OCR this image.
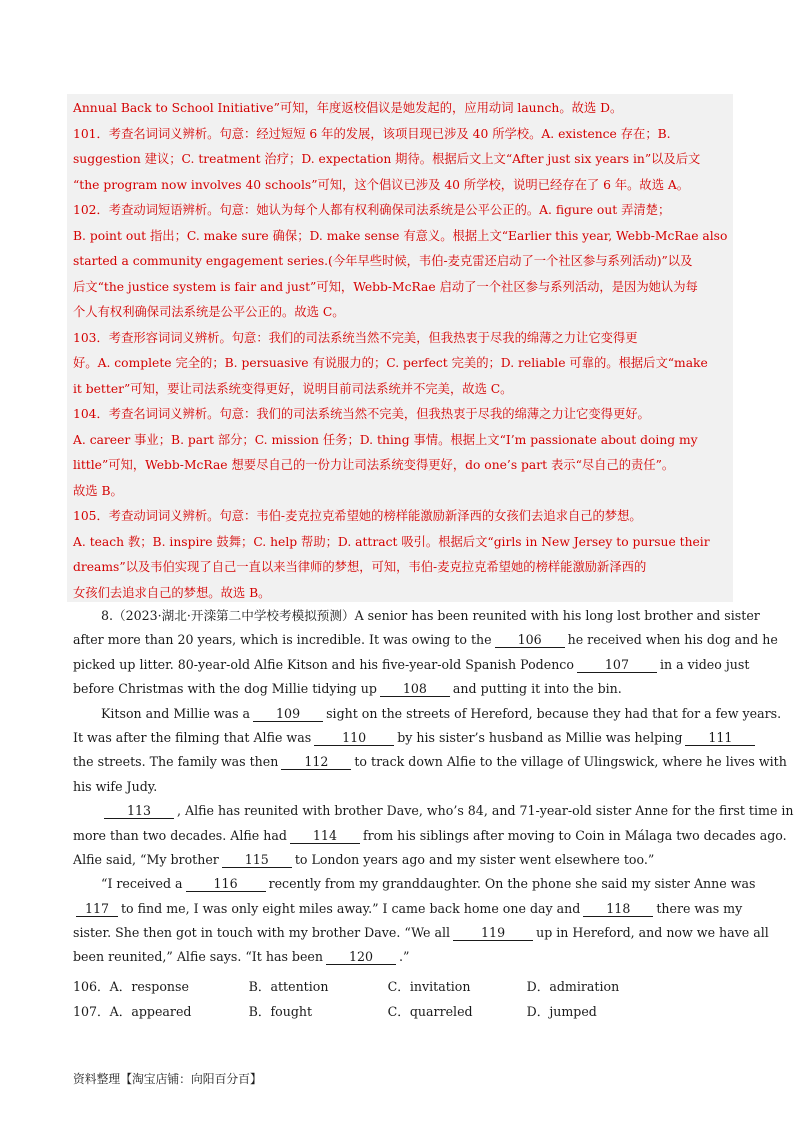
Annual Back to School Initiative”可知，年度返校倡议是她发起的，应用动词 launch。故选 D。
101．考查名词词义辨析。句意：经过短短 6 年的发展，该项目现已涉及 40 所学校。A. existence 存在；B.
suggestion 建议；C. treatment 治疗；D. expectation 期待。根据后文上文“After just six years in”以及后文
“the program now involves 40 schools”可知，这个倡议已涉及 40 所学校，说明已经存在了 6 年。故选 A。
102．考查动词短语辨析。句意：她认为每个人都有权利确保司法系统是公平公正的。A. figure out 弄清楚；
B. point out 指出；C. make sure 确保；D. make sense 有意义。根据上文“Earlier this year, Webb-McRae also
started a community engagement series.(今年早些时候，韦伯-麦克雷还启动了一个社区参与系列活动)”以及
后文“the justice system is fair and just”可知，Webb-McRae 启动了一个社区参与系列活动，是因为她认为每
个人有权利确保司法系统是公平公正的。故选 C。
103．考查形容词词义辨析。句意：我们的司法系统当然不完美，但我热衷于尽我的绵薄之力让它变得更
好。A. complete 完全的；B. persuasive 有说服力的；C. perfect 完美的；D. reliable 可靠的。根据后文“make
it better”可知，要让司法系统变得更好，说明目前司法系统并不完美，故选 C。
104．考查名词词义辨析。句意：我们的司法系统当然不完美，但我热衷于尽我的绵薄之力让它变得更好。
A. career 事业；B. part 部分；C. mission 任务；D. thing 事情。根据上文“I’m passionate about doing my
little”可知，Webb-McRae 想要尽自己的一份力让司法系统变得更好，do one’s part 表示“尽自己的责任”。
故选 B。
105．考查动词词义辨析。句意：韦伯-麦克拉克希望她的榜样能激励新泽西的女孩们去追求自己的梦想。
A. teach 教；B. inspire 鼓舞；C. help 帮助；D. attract 吸引。根据后文“girls in New Jersey to pursue their
dreams”以及韦伯实现了自己一直以来当律师的梦想，可知，韦伯-麦克拉克希望她的榜样能激励新泽西的
女孩们去追求自己的梦想。故选 B。
8.（2023·湖北·开滦第二中学校考模拟预测）A senior has been reunited with his long lost brother and sister
after more than 20 years, which is incredible. It was owing to the 106 he received when his dog and he
picked up litter. 80-year-old Alfie Kitson and his five-year-old Spanish Podenco 107 in a video just
before Christmas with the dog Millie tidying up 108 and putting it into the bin.
Kitson and Millie was a 109 sight on the streets of Hereford, because they had that for a few years.
It was after the filming that Alfie was 110 by his sister’s husband as Millie was helping 111
the streets. The family was then 112 to track down Alfie to the village of Ulingswick, where he lives with
his wife Judy.
113 , Alfie has reunited with brother Dave, who’s 84, and 71-year-old sister Anne for the first time in
more than two decades. Alfie had 114 from his siblings after moving to Coin in Málaga two decades ago.
Alfie said, “My brother 115 to London years ago and my sister went elsewhere too.”
“I received a 116 recently from my granddaughter. On the phone she said my sister Anne was
117 to find me, I was only eight miles away.” I came back home one day and 118 there was my
sister. She then got in touch with my brother Dave. “We all 119 up in Hereford, and now we have all
been reunited,” Alfie says. “It has been 120 .”
106． A．response	B．attention	C．invitation	D．admiration
107． A．appeared	B．fought	C．quarreled	D．jumped
资料整理【淘宝店铺：向阳百分百】
